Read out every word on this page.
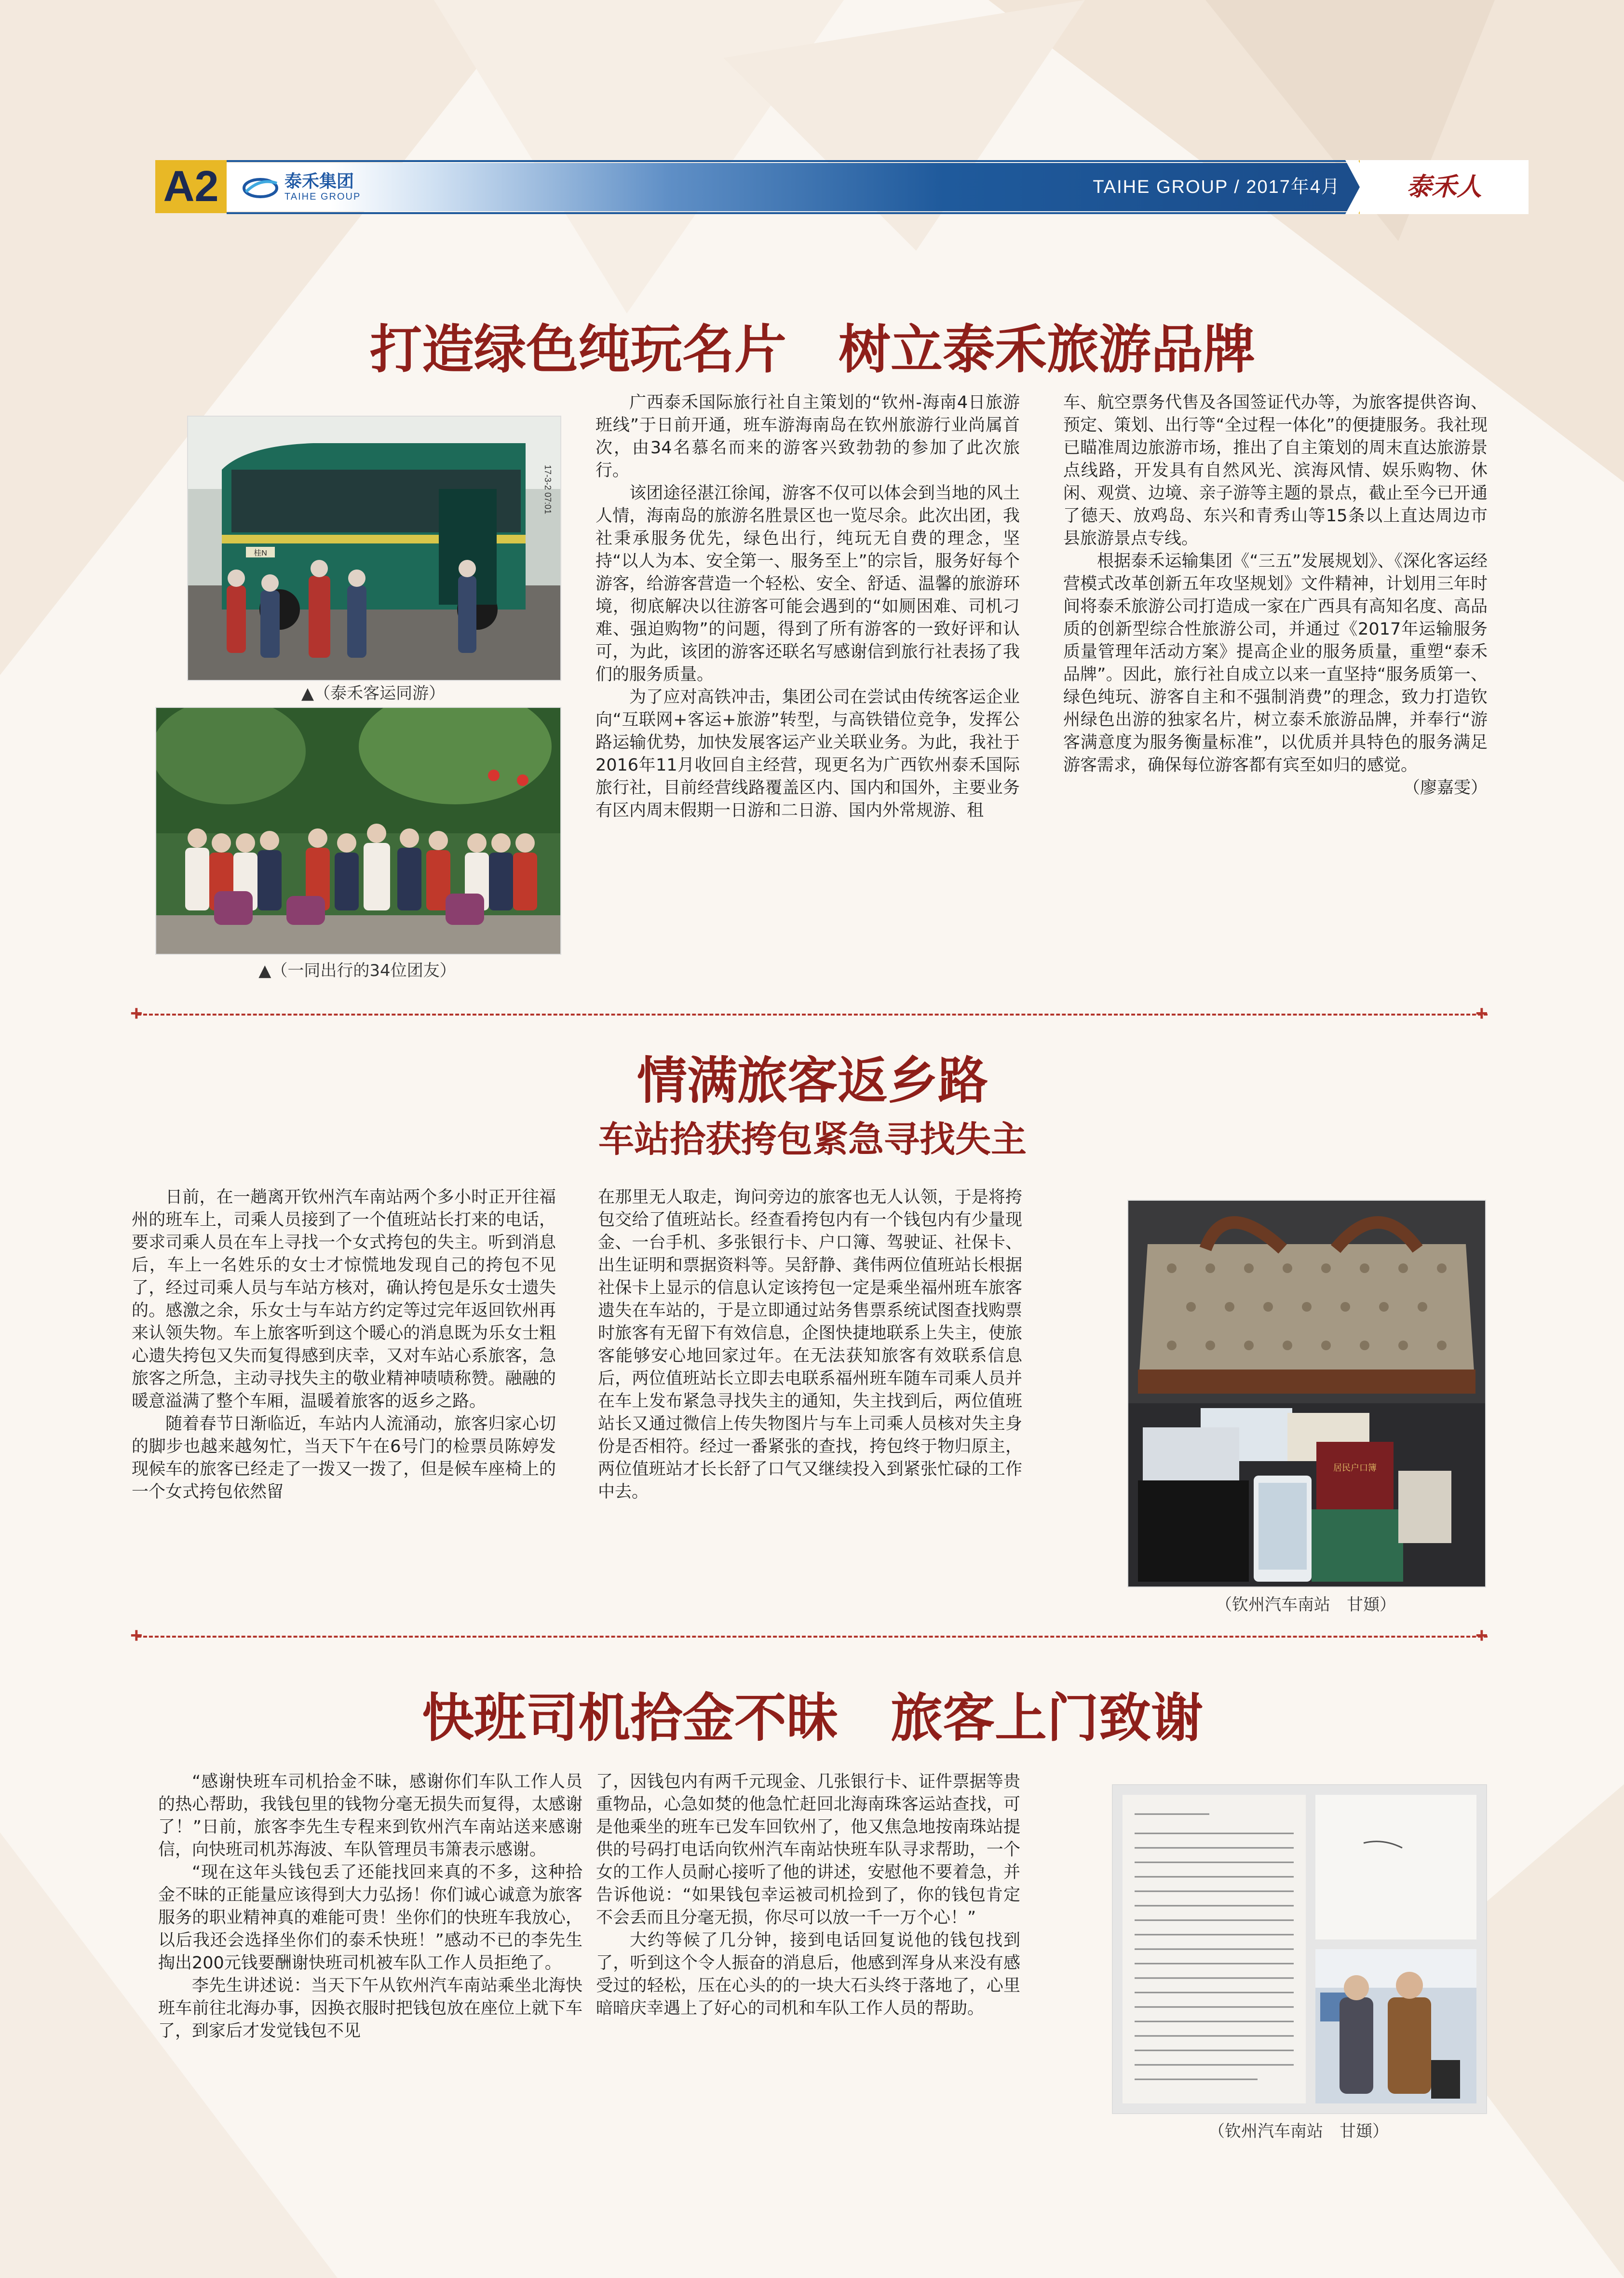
A2	泰禾集团
TAIHE GROUP	TAIHE GROUP / 2017年4月	泰禾人
打造绿色纯玩名片　树立泰禾旅游品牌
桂N
17-3-2 07:01
▲（泰禾客运同游）
▲（一同出行的34位团友）

广西泰禾国际旅行社自主策划的“钦州-海南4日旅游班线”于日前开通，班车游海南岛在钦州旅游行业尚属首次，由34名慕名而来的游客兴致勃勃的参加了此次旅行。

该团途径湛江徐闻，游客不仅可以体会到当地的风土人情，海南岛的旅游名胜景区也一览尽余。此次出团，我社秉承服务优先，绿色出行，纯玩无自费的理念，坚持“以人为本、安全第一、服务至上”的宗旨，服务好每个游客，给游客营造一个轻松、安全、舒适、温馨的旅游环境，彻底解决以往游客可能会遇到的“如厕困难、司机刁难、强迫购物”的问题，得到了所有游客的一致好评和认可，为此，该团的游客还联名写感谢信到旅行社表扬了我们的服务质量。

为了应对高铁冲击，集团公司在尝试由传统客运企业向“互联网+客运+旅游”转型，与高铁错位竞争，发挥公路运输优势，加快发展客运产业关联业务。为此，我社于2016年11月收回自主经营，现更名为广西钦州泰禾国际旅行社，目前经营线路覆盖区内、国内和国外，主要业务有区内周末假期一日游和二日游、国内外常规游、租

车、航空票务代售及各国签证代办等，为旅客提供咨询、预定、策划、出行等“全过程一体化”的便捷服务。我社现已瞄准周边旅游市场，推出了自主策划的周末直达旅游景点线路，开发具有自然风光、滨海风情、娱乐购物、休闲、观赏、边境、亲子游等主题的景点，截止至今已开通了德天、放鸡岛、东兴和青秀山等15条以上直达周边市县旅游景点专线。

根据泰禾运输集团《“三五”发展规划》、《深化客运经营模式改革创新五年攻坚规划》文件精神，计划用三年时间将泰禾旅游公司打造成一家在广西具有高知名度、高品质的创新型综合性旅游公司，并通过《2017年运输服务质量管理年活动方案》提高企业的服务质量，重塑“泰禾品牌”。因此，旅行社自成立以来一直坚持“服务质第一、绿色纯玩、游客自主和不强制消费”的理念，致力打造钦州绿色出游的独家名片，树立泰禾旅游品牌，并奉行“游客满意度为服务衡量标准”，以优质并具特色的服务满足游客需求，确保每位游客都有宾至如归的感觉。

（廖嘉雯）

+	+
情满旅客返乡路
车站拾获挎包紧急寻找失主

日前，在一趟离开钦州汽车南站两个多小时正开往福州的班车上，司乘人员接到了一个值班站长打来的电话，要求司乘人员在车上寻找一个女式挎包的失主。听到消息后，车上一名姓乐的女士才惊慌地发现自己的挎包不见了，经过司乘人员与车站方核对，确认挎包是乐女士遗失的。感激之余，乐女士与车站方约定等过完年返回钦州再来认领失物。车上旅客听到这个暖心的消息既为乐女士粗心遗失挎包又失而复得感到庆幸，又对车站心系旅客，急旅客之所急，主动寻找失主的敬业精神啧啧称赞。融融的暖意溢满了整个车厢，温暖着旅客的返乡之路。

随着春节日渐临近，车站内人流涌动，旅客归家心切的脚步也越来越匆忙，当天下午在6号门的检票员陈婷发现候车的旅客已经走了一拨又一拨了，但是候车座椅上的一个女式挎包依然留

在那里无人取走，询问旁边的旅客也无人认领，于是将挎包交给了值班站长。经查看挎包内有一个钱包内有少量现金、一台手机、多张银行卡、户口簿、驾驶证、社保卡、出生证明和票据资料等。吴舒静、龚伟两位值班站长根据社保卡上显示的信息认定该挎包一定是乘坐福州班车旅客遗失在车站的，于是立即通过站务售票系统试图查找购票时旅客有无留下有效信息，企图快捷地联系上失主，使旅客能够安心地回家过年。在无法获知旅客有效联系信息后，两位值班站长立即去电联系福州班车随车司乘人员并在车上发布紧急寻找失主的通知，失主找到后，两位值班站长又通过微信上传失物图片与车上司乘人员核对失主身份是否相符。经过一番紧张的查找，挎包终于物归原主，两位值班站才长长舒了口气又继续投入到紧张忙碌的工作中去。

居民户口簿
（钦州汽车南站　甘頲）
+	+
快班司机拾金不昧　旅客上门致谢

“感谢快班车司机拾金不昧，感谢你们车队工作人员的热心帮助，我钱包里的钱物分毫无损失而复得，太感谢了！”日前，旅客李先生专程来到钦州汽车南站送来感谢信，向快班司机苏海波、车队管理员韦箫表示感谢。

“现在这年头钱包丢了还能找回来真的不多，这种拾金不昧的正能量应该得到大力弘扬！你们诚心诚意为旅客服务的职业精神真的难能可贵！坐你们的快班车我放心，以后我还会选择坐你们的泰禾快班！”感动不已的李先生掏出200元钱要酬谢快班司机被车队工作人员拒绝了。

李先生讲述说：当天下午从钦州汽车南站乘坐北海快班车前往北海办事，因换衣服时把钱包放在座位上就下车了，到家后才发觉钱包不见

了，因钱包内有两千元现金、几张银行卡、证件票据等贵重物品，心急如焚的他急忙赶回北海南珠客运站查找，可是他乘坐的班车已发车回钦州了，他又焦急地按南珠站提供的号码打电话向钦州汽车南站快班车队寻求帮助，一个女的工作人员耐心接听了他的讲述，安慰他不要着急，并告诉他说：“如果钱包幸运被司机捡到了，你的钱包肯定不会丢而且分毫无损，你尽可以放一千一万个心！”

大约等候了几分钟，接到电话回复说他的钱包找到了，听到这个令人振奋的消息后，他感到浑身从来没有感受过的轻松，压在心头的的一块大石头终于落地了，心里暗暗庆幸遇上了好心的司机和车队工作人员的帮助。

（钦州汽车南站　甘頲）
